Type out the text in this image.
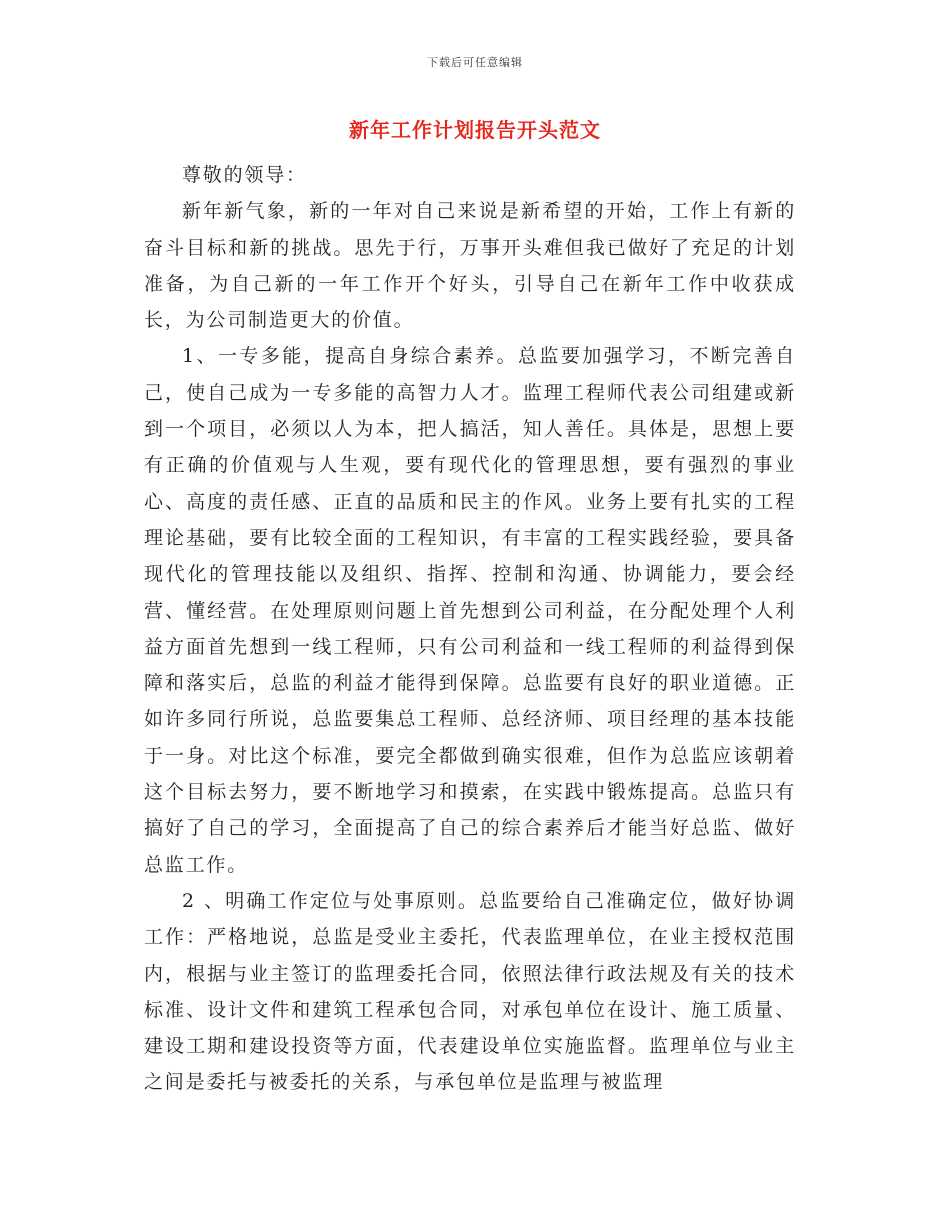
下载后可任意编辑
新年工作计划报告开头范文

尊敬的领导：

新年新气象，新的一年对自己来说是新希望的开始，工作上有新的奋斗目标和新的挑战。思先于行，万事开头难但我已做好了充足的计划准备，为自己新的一年工作开个好头，引导自己在新年工作中收获成长，为公司制造更大的价值。

1、一专多能，提高自身综合素养。总监要加强学习，不断完善自己，使自己成为一专多能的高智力人才。监理工程师代表公司组建或新到一个项目，必须以人为本，把人搞活，知人善任。具体是，思想上要有正确的价值观与人生观，要有现代化的管理思想，要有强烈的事业心、高度的责任感、正直的品质和民主的作风。业务上要有扎实的工程理论基础，要有比较全面的工程知识，有丰富的工程实践经验，要具备现代化的管理技能以及组织、指挥、控制和沟通、协调能力，要会经营、懂经营。在处理原则问题上首先想到公司利益，在分配处理个人利益方面首先想到一线工程师，只有公司利益和一线工程师的利益得到保障和落实后，总监的利益才能得到保障。总监要有良好的职业道德。正如许多同行所说，总监要集总工程师、总经济师、项目经理的基本技能于一身。对比这个标准，要完全都做到确实很难，但作为总监应该朝着这个目标去努力，要不断地学习和摸索，在实践中锻炼提高。总监只有搞好了自己的学习，全面提高了自己的综合素养后才能当好总监、做好总监工作。

2 、明确工作定位与处事原则。总监要给自己准确定位，做好协调工作：严格地说，总监是受业主委托，代表监理单位，在业主授权范围内，根据与业主签订的监理委托合同，依照法律行政法规及有关的技术标准、设计文件和建筑工程承包合同，对承包单位在设计、施工质量、建设工期和建设投资等方面，代表建设单位实施监督。监理单位与业主之间是委托与被委托的关系，与承包单位是监理与被监理
